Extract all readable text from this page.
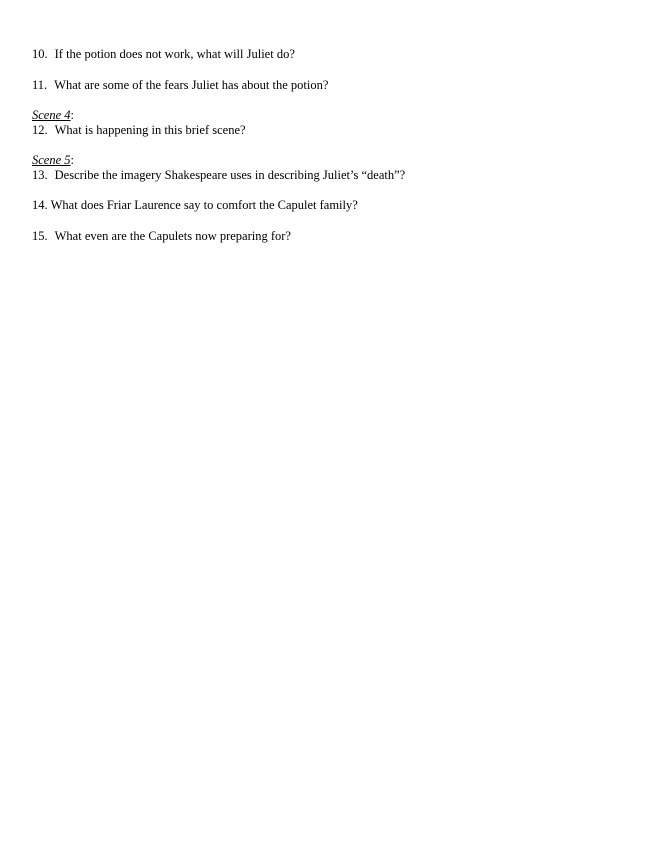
10. If the potion does not work, what will Juliet do?
11. What are some of the fears Juliet has about the potion?
Scene 4:
12. What is happening in this brief scene?
Scene 5:
13. Describe the imagery Shakespeare uses in describing Juliet’s “death”?
14. What does Friar Laurence say to comfort the Capulet family?
15. What even are the Capulets now preparing for?
